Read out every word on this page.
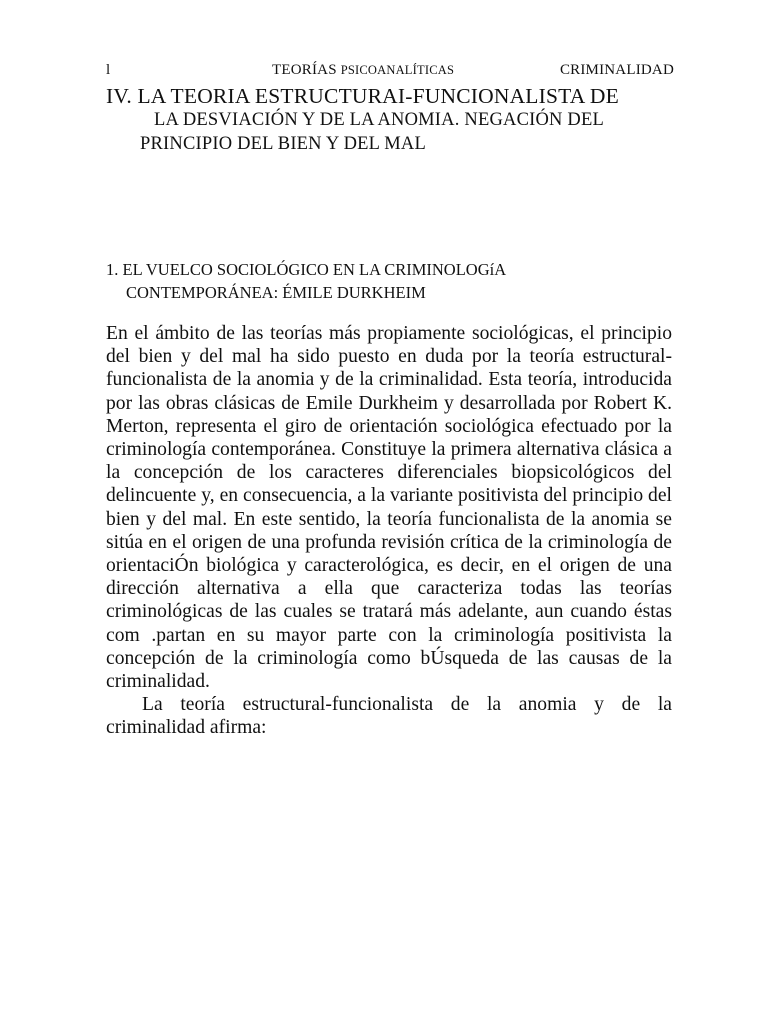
l	TEORÍAS PSICOANALÍTICAS	CRIMINALIDAD
IV. LA TEORIA ESTRUCTURAI-FUNCIONALISTA DE
LA DESVIACIÓN Y DE LA ANOMIA. NEGACIÓN DEL
PRINCIPIO DEL BIEN Y DEL MAL
1. EL VUELCO SOCIOLÓGICO EN LA CRIMINOLOGíA
CONTEMPORÁNEA: ÉMILE DURKHEIM

En el ámbito de las teorías más propiamente sociológicas, el principio del bien y del mal ha sido puesto en duda por la teoría estructural-funcionalista de la anomia y de la criminalidad. Esta teoría, introducida por las obras clásicas de Emile Durkheim y desarrollada por Robert K. Merton, representa el giro de orientación sociológica efectuado por la criminología contemporánea. Constituye la primera alternativa clásica a la concepción de los caracteres diferenciales biopsicológicos del delincuente y, en consecuencia, a la variante positivista del principio del bien y del mal. En este sentido, la teoría funcionalista de la anomia se sitúa en el origen de una profunda revisión crítica de la criminología de orientaciÓn biológica y caracterológica, es decir, en el origen de una dirección alternativa a ella que caracteriza todas las teorías criminológicas de las cuales se tratará más adelante, aun cuando éstas com .partan en su mayor parte con la criminología positivista la concepción de la criminología como bÚsqueda de las causas de la criminalidad.

La teoría estructural-funcionalista de la anomia y de la criminalidad afirma:
